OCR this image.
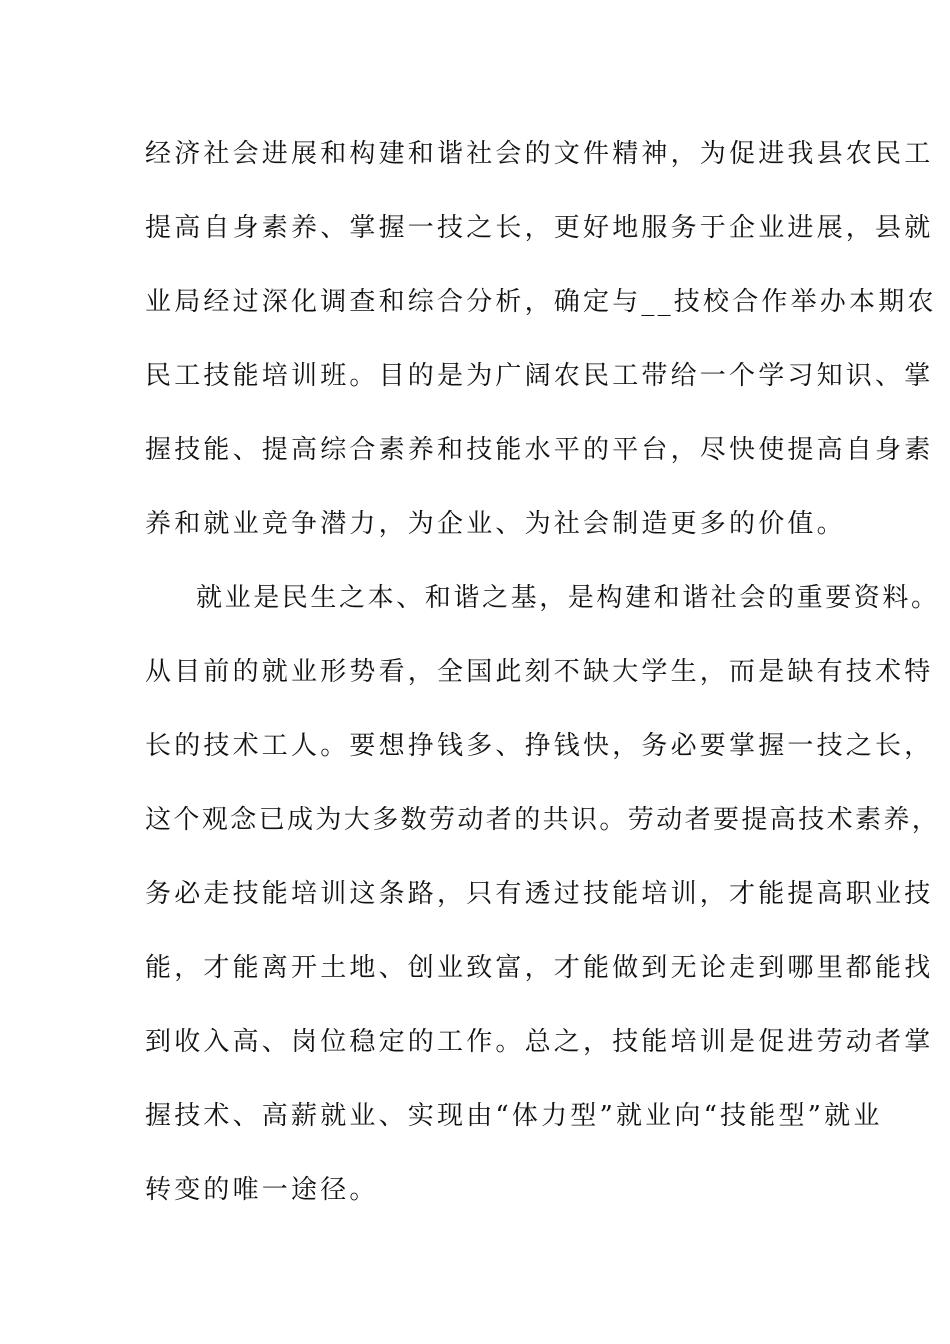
经济社会进展和构建和谐社会的文件精神，为促进我县农民工
提高自身素养、掌握一技之长，更好地服务于企业进展，县就
业局经过深化调查和综合分析，确定与__技校合作举办本期农
民工技能培训班。目的是为广阔农民工带给一个学习知识、掌
握技能、提高综合素养和技能水平的平台，尽快使提高自身素
养和就业竞争潜力，为企业、为社会制造更多的价值。
就业是民生之本、和谐之基，是构建和谐社会的重要资料。
从目前的就业形势看，全国此刻不缺大学生，而是缺有技术特
长的技术工人。要想挣钱多、挣钱快，务必要掌握一技之长，
这个观念已成为大多数劳动者的共识。劳动者要提高技术素养，
务必走技能培训这条路，只有透过技能培训，才能提高职业技
能，才能离开土地、创业致富，才能做到无论走到哪里都能找
到收入高、岗位稳定的工作。总之，技能培训是促进劳动者掌
握技术、高薪就业、实现由“体力型”就业向“技能型”就业
转变的唯一途径。
